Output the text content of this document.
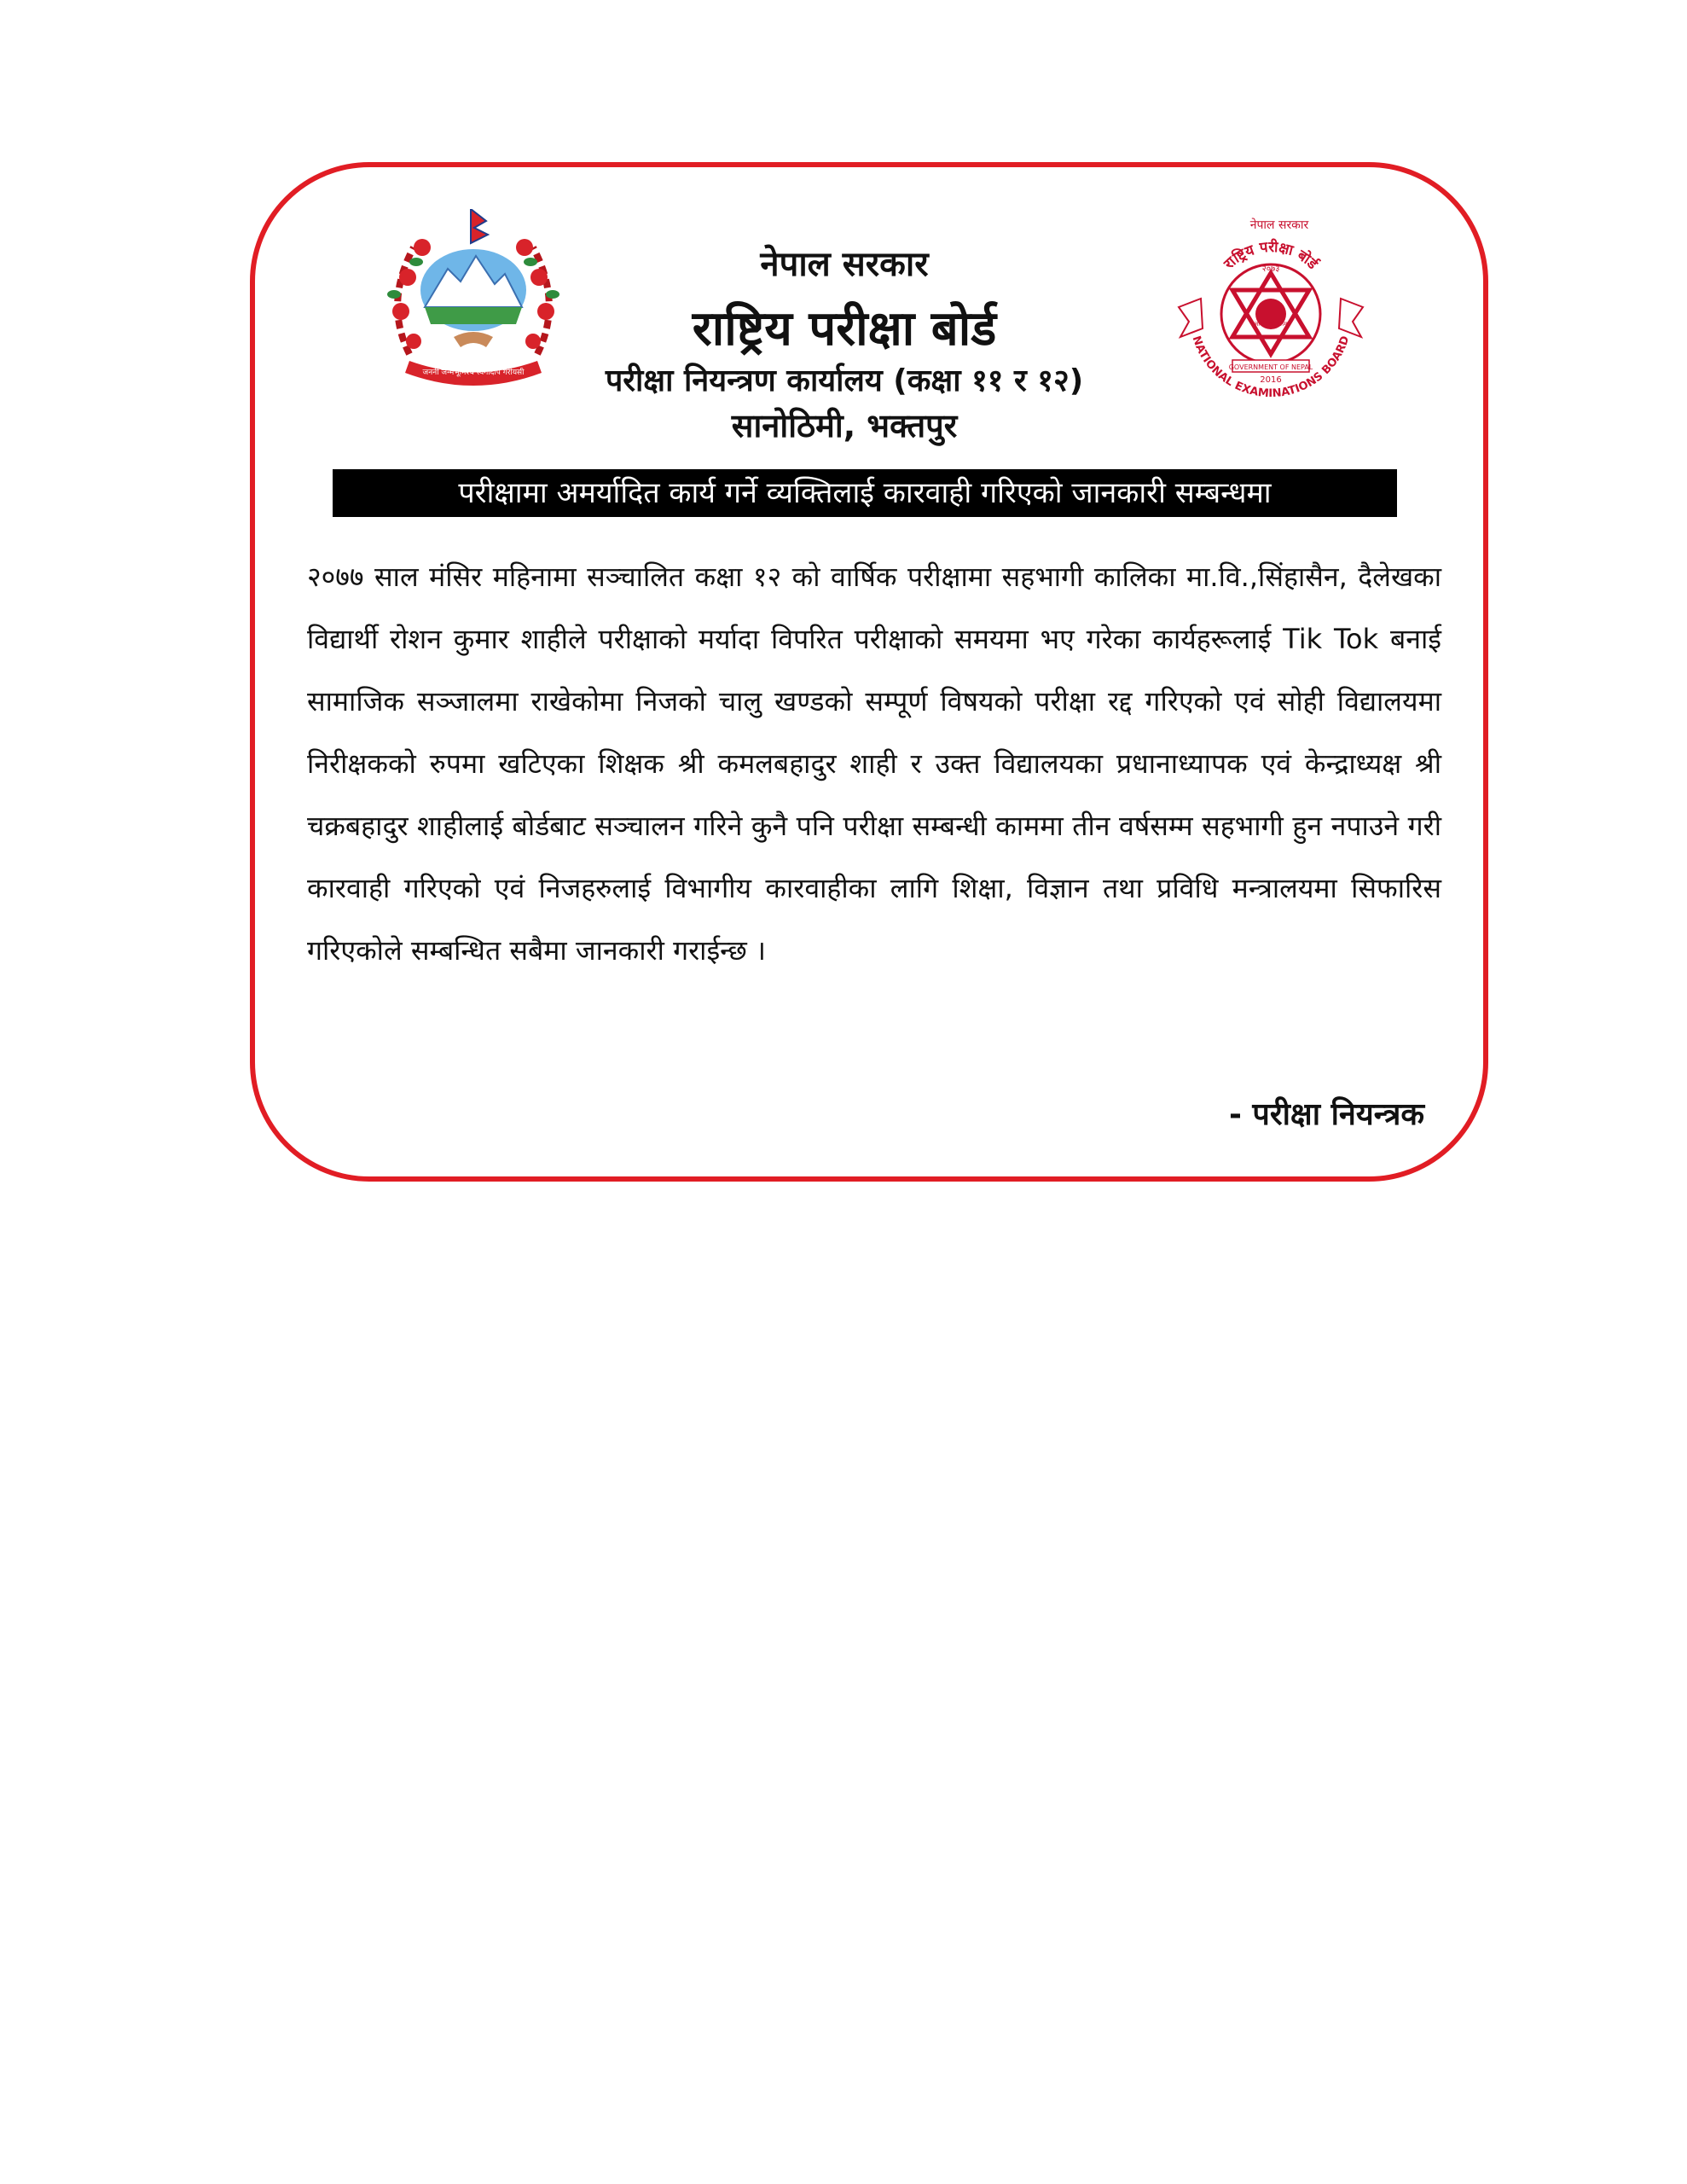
जननी जन्मभूमिश्च स्वर्गादपि गरीयसी
नेपाल सरकार
राष्ट्रिय परीक्षा बोर्ड
परीक्षा नियन्त्रण कार्यालय (कक्षा ११ र १२)
सानोठिमी, भक्तपुर
नेपाल सरकार
राष्ट्रिय परीक्षा बोर्ड
२०७३
ज्ञानं परमं बलम्
GOVERNMENT OF NEPAL
2016
NATIONAL EXAMINATIONS BOARD
परीक्षामा अमर्यादित कार्य गर्ने व्यक्तिलाई कारवाही गरिएको जानकारी सम्बन्धमा

२०७७ साल मंसिर महिनामा सञ्चालित कक्षा १२ को वार्षिक परीक्षामा सहभागी कालिका मा.वि.,सिंहासैन, दैलेखका विद्यार्थी रोशन कुमार शाहीले परीक्षाको मर्यादा विपरित परीक्षाको समयमा भए गरेका कार्यहरूलाई Tik Tok बनाई सामाजिक सञ्जालमा राखेकोमा निजको चालु खण्डको सम्पूर्ण विषयको परीक्षा रद्द गरिएको एवं सोही विद्यालयमा निरीक्षकको रुपमा खटिएका शिक्षक श्री कमलबहादुर शाही र उक्त विद्यालयका प्रधानाध्यापक एवं केन्द्राध्यक्ष श्री चक्रबहादुर शाहीलाई बोर्डबाट सञ्चालन गरिने कुनै पनि परीक्षा सम्बन्धी काममा तीन वर्षसम्म सहभागी हुन नपाउने गरी कारवाही गरिएको एवं निजहरुलाई विभागीय कारवाहीका लागि शिक्षा, विज्ञान तथा प्रविधि मन्त्रालयमा सिफारिस गरिएकोले सम्बन्धित सबैमा जानकारी गराईन्छ ।

- परीक्षा नियन्त्रक
